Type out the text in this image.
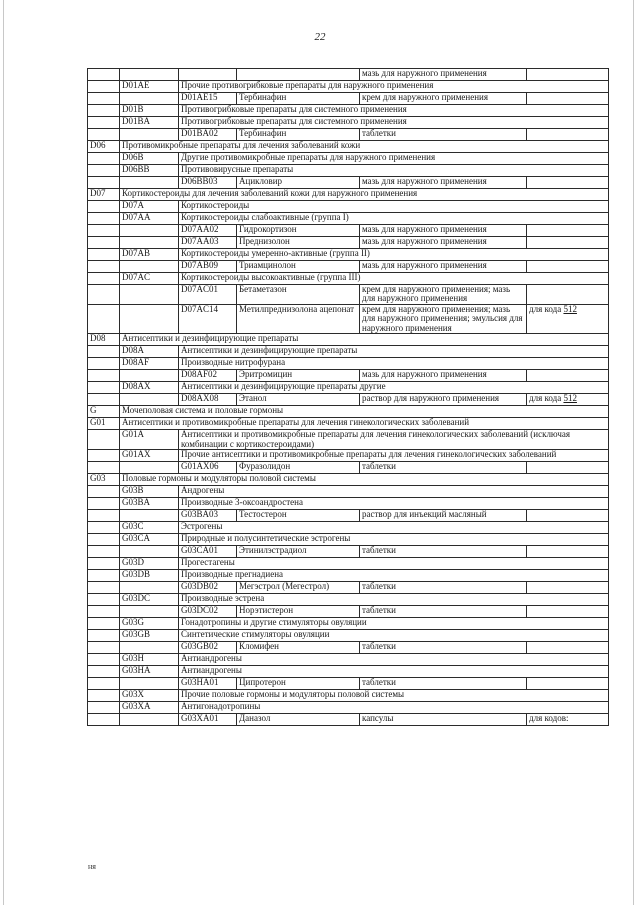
22
				мазь для наружного применения	
	D01AE	Прочие противогрибковые препараты для наружного применения			
		D01AE15	Тербинафин	крем для наружного применения	
	D01B	Противогрибковые препараты для системного применения			
	D01BA	Противогрибковые препараты для системного применения			
		D01BA02	Тербинафин	таблетки	
D06	Противомикробные препараты для лечения заболеваний кожи				
	D06B	Другие противомикробные препараты для наружного применения			
	D06BB	Противовирусные препараты			
		D06BB03	Ацикловир	мазь для наружного применения	
D07	Кортикостероиды для лечения заболеваний кожи для наружного применения				
	D07A	Кортикостероиды			
	D07AA	Кортикостероиды слабоактивные (группа I)			
		D07AA02	Гидрокортизон	мазь для наружного применения	
		D07AA03	Преднизолон	мазь для наружного применения	
	D07AB	Кортикостероиды умеренно-активные (группа II)			
		D07AB09	Триамцинолон	мазь для наружного применения	
	D07AC	Кортикостероиды высокоактивные (группа III)			
		D07AC01	Бетаметазон	крем для наружного применения; мазь для наружного применения	
		D07AC14	Метилпреднизолона ацепонат	крем для наружного применения; мазь для наружного применения; эмульсия для наружного применения	для кода 512
D08	Антисептики и дезинфицирующие препараты				
	D08A	Антисептики и дезинфицирующие препараты			
	D08AF	Производные нитрофурана			
		D08AF02	Эритромицин	мазь для наружного применения	
	D08AX	Антисептики и дезинфицирующие препараты другие			
		D08AX08	Этанол	раствор для наружного применения	для кода 512
G	Мочеполовая система и половые гормоны				
G01	Антисептики и противомикробные препараты для лечения гинекологических заболеваний				
	G01A	Антисептики и противомикробные препараты для лечения гинекологических заболеваний (исключая комбинации с кортикостероидами)			
	G01AX	Прочие антисептики и противомикробные препараты для лечения гинекологических заболеваний			
		G01AX06	Фуразолидон	таблетки	
G03	Половые гормоны и модуляторы половой системы				
	G03B	Андрогены			
	G03BA	Производные 3-оксоандростена			
		G03BA03	Тестостерон	раствор для инъекций масляный	
	G03C	Эстрогены			
	G03CA	Природные и полусинтетические эстрогены			
		G03CA01	Этинилэстрадиол	таблетки	
	G03D	Прогестагены			
	G03DB	Производные прегнадиена			
		G03DB02	Мегэстрол (Мегестрол)	таблетки	
	G03DC	Производные эстрена			
		G03DC02	Норэтистерон	таблетки	
	G03G	Гонадотропины и другие стимуляторы овуляции			
	G03GB	Синтетические стимуляторы овуляции			
		G03GB02	Кломифен	таблетки	
	G03H	Антиандрогены			
	G03HA	Антиандрогены			
		G03HA01	Ципротерон	таблетки	
	G03X	Прочие половые гормоны и модуляторы половой системы			
	G03XA	Антигонадотропины			
		G03XA01	Даназол	капсулы	для кодов:
ня
